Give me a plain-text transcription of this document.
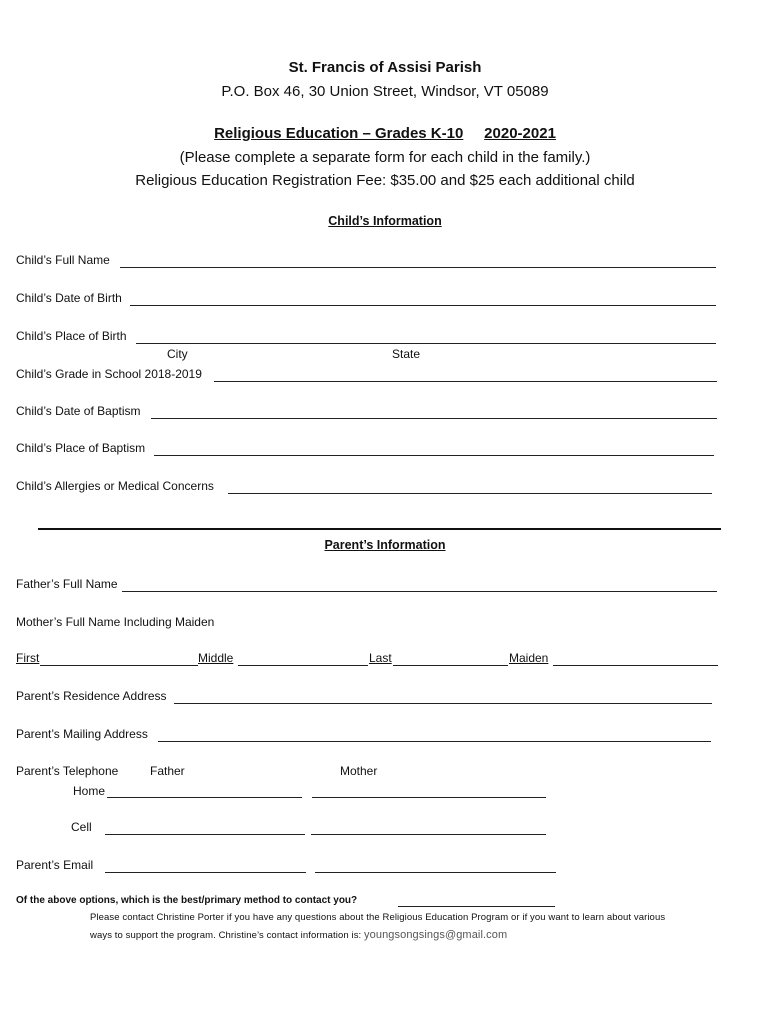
St. Francis of Assisi Parish
P.O. Box 46, 30 Union Street, Windsor, VT 05089
Religious Education – Grades K-10 2020-2021
(Please complete a separate form for each child in the family.)
Religious Education Registration Fee: $35.00 and $25 each additional child
Child’s Information
Child’s Full Name
Child’s Date of Birth
Child’s Place of Birth
City	State
Child’s Grade in School 2018-2019
Child’s Date of Baptism
Child’s Place of Baptism
Child’s Allergies or Medical Concerns
Parent’s Information
Father’s Full Name
Mother’s Full Name Including Maiden
First	Middle	Last	Maiden
Parent’s Residence Address
Parent’s Mailing Address
Parent’s Telephone	Father	Mother
Home
Cell
Parent’s Email
Of the above options, which is the best/primary method to contact you?
Please contact Christine Porter if you have any questions about the Religious Education Program or if you want to learn about various
ways to support the program. Christine’s contact information is: youngsongsings@gmail.com
